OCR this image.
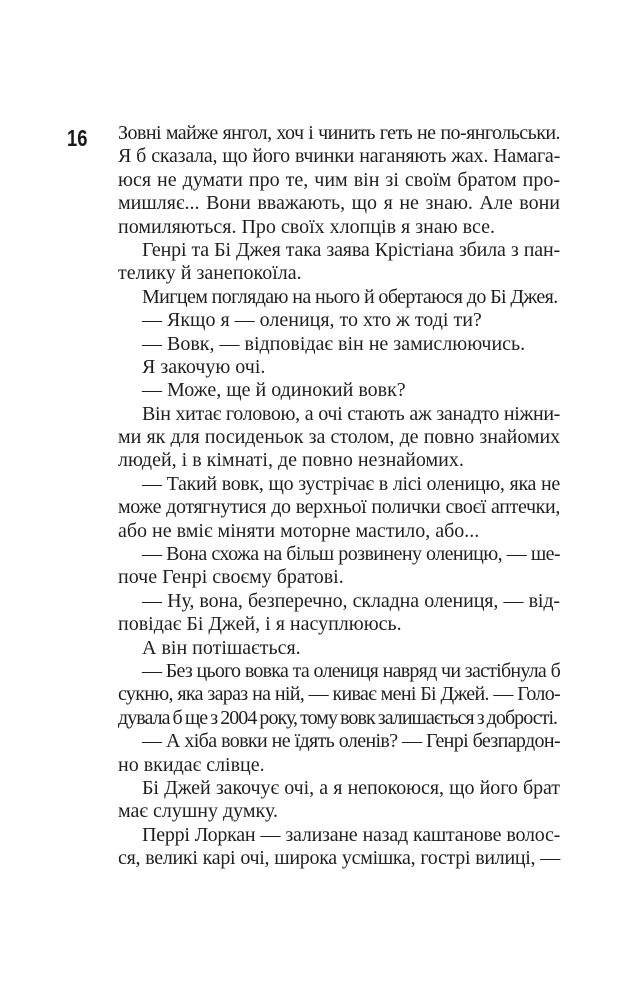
16 Зовні майже янгол, хоч і чинить геть не по-янгольськи.
Я б сказала, що його вчинки наганяють жах. Намага-
юся не думати про те, чим він зі своїм братом про-
мишляє... Вони вважають, що я не знаю. Але вони
помиляються. Про своїх хлопців я знаю все.
Генрі та Бі Джея така заява Крістіана збила з пан-
телику й занепокоїла.
Мигцем поглядаю на нього й обертаюся до Бі Джея.
— Якщо я — олениця, то хто ж тоді ти?
— Вовк, — відповідає він не замислюючись.
Я закочую очі.
— Може, ще й одинокий вовк?
Він хитає головою, а очі стають аж занадто ніжни-
ми як для посиденьок за столом, де повно знайомих
людей, і в кімнаті, де повно незнайомих.
— Такий вовк, що зустрічає в лісі оленицю, яка не
може дотягнутися до верхньої полички своєї аптечки,
або не вміє міняти моторне мастило, або...
— Вона схожа на більш розвинену оленицю, — ше-
поче Генрі своєму братові.
— Ну, вона, безперечно, складна олениця, — від-
повідає Бі Джей, і я насуплююсь.
А він потішається.
— Без цього вовка та олениця навряд чи застібнула б
сукню, яка зараз на ній, — киває мені Бі Джей. — Голо-
дувала б ще з 2004 року, тому вовк залишається з добрості.
— А хіба вовки не їдять оленів? — Генрі безпардон-
но вкидає слівце.
Бі Джей закочує очі, а я непокоюся, що його брат
має слушну думку.
Перрі Лоркан — зализане назад каштанове волос-
ся, великі карі очі, широка усмішка, гострі вилиці, —
